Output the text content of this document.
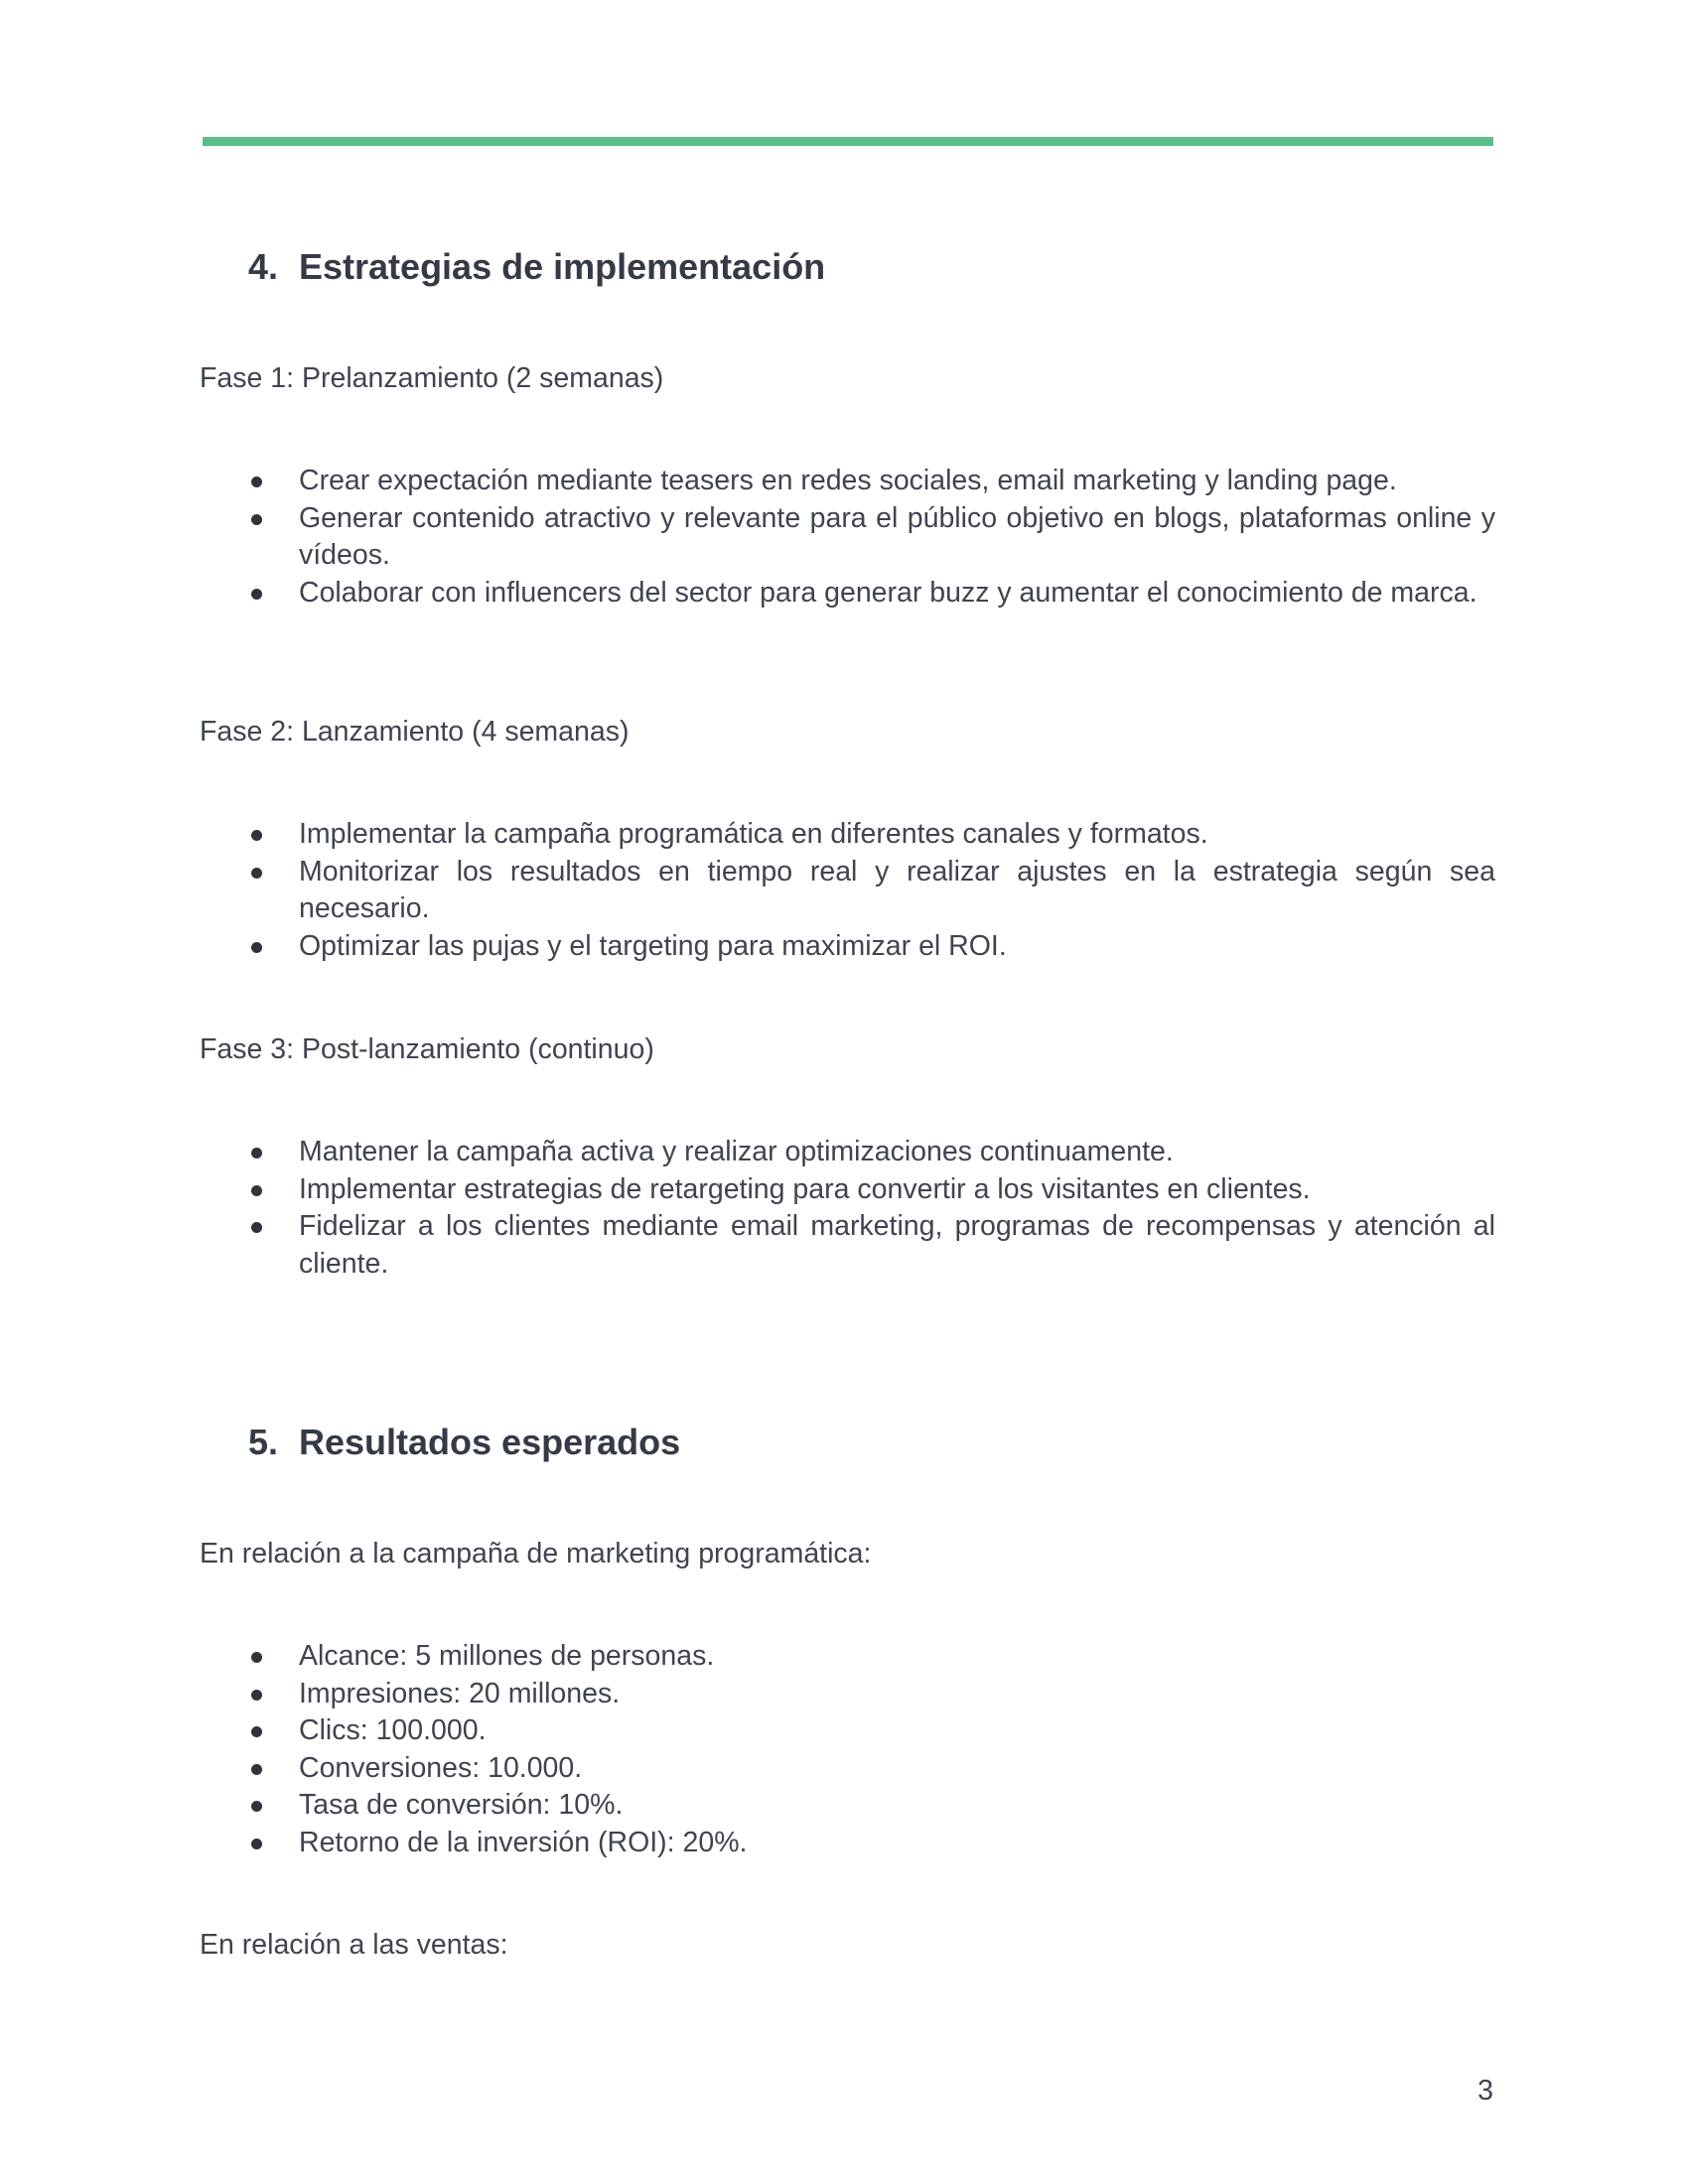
4. Estrategias de implementación

Fase 1: Prelanzamiento (2 semanas)

Crear expectación mediante teasers en redes sociales, email marketing y landing page.
Generar contenido atractivo y relevante para el público objetivo en blogs, plataformas online y vídeos.
Colaborar con influencers del sector para generar buzz y aumentar el conocimiento de marca.

Fase 2: Lanzamiento (4 semanas)

Implementar la campaña programática en diferentes canales y formatos.
Monitorizar los resultados en tiempo real y realizar ajustes en la estrategia según sea necesario.
Optimizar las pujas y el targeting para maximizar el ROI.

Fase 3: Post-lanzamiento (continuo)

Mantener la campaña activa y realizar optimizaciones continuamente.
Implementar estrategias de retargeting para convertir a los visitantes en clientes.
Fidelizar a los clientes mediante email marketing, programas de recompensas y atención al cliente.
5. Resultados esperados

En relación a la campaña de marketing programática:

Alcance: 5 millones de personas.
Impresiones: 20 millones.
Clics: 100.000.
Conversiones: 10.000.
Tasa de conversión: 10%.
Retorno de la inversión (ROI): 20%.

En relación a las ventas:

3
